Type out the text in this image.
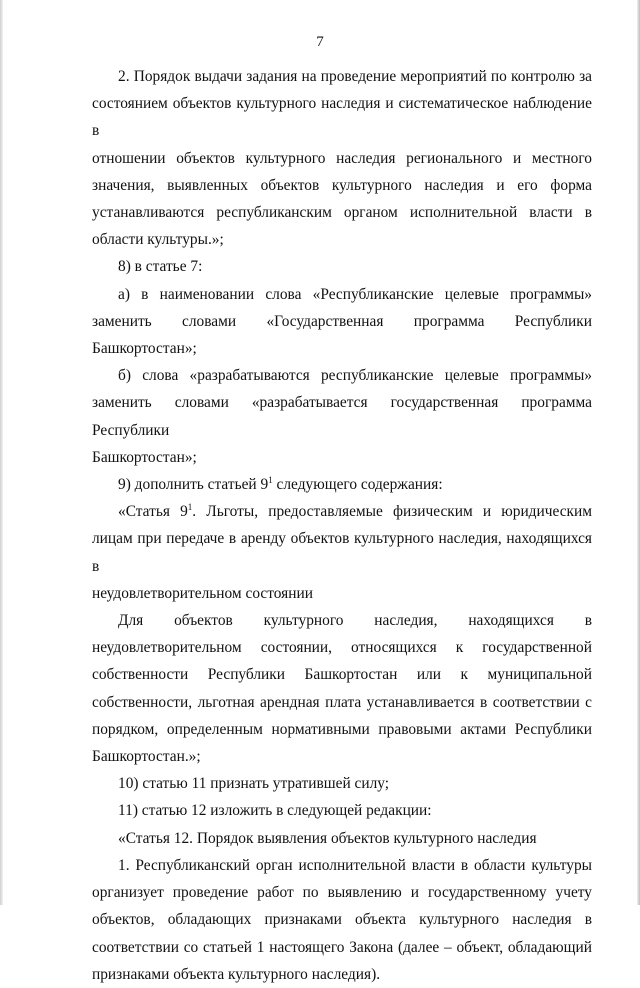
7

2. Порядок выдачи задания на проведение мероприятий по контролю за
состоянием объектов культурного наследия и систематическое наблюдение в
отношении объектов культурного наследия регионального и местного
значения, выявленных объектов культурного наследия и его форма
устанавливаются республиканским органом исполнительной власти в
области культуры.»;

8) в статье 7:

а) в наименовании слова «Республиканские целевые программы»
заменить словами «Государственная программа Республики Башкортостан»;

б) слова «разрабатываются республиканские целевые программы»
заменить словами «разрабатывается государственная программа Республики
Башкортостан»;

9) дополнить статьей $9^1$ следующего содержания:

«Статья $9^1$. Льготы, предоставляемые физическим и юридическим
лицам при передаче в аренду объектов культурного наследия, находящихся в
неудовлетворительном состоянии

Для объектов культурного наследия, находящихся в
неудовлетворительном состоянии, относящихся к государственной
собственности Республики Башкортостан или к муниципальной
собственности, льготная арендная плата устанавливается в соответствии с
порядком, определенным нормативными правовыми актами Республики
Башкортостан.»;

10) статью 11 признать утратившей силу;

11) статью 12 изложить в следующей редакции:

«Статья 12. Порядок выявления объектов культурного наследия

1. Республиканский орган исполнительной власти в области культуры
организует проведение работ по выявлению и государственному учету
объектов, обладающих признаками объекта культурного наследия в
соответствии со статьей 1 настоящего Закона (далее – объект, обладающий
признаками объекта культурного наследия).
